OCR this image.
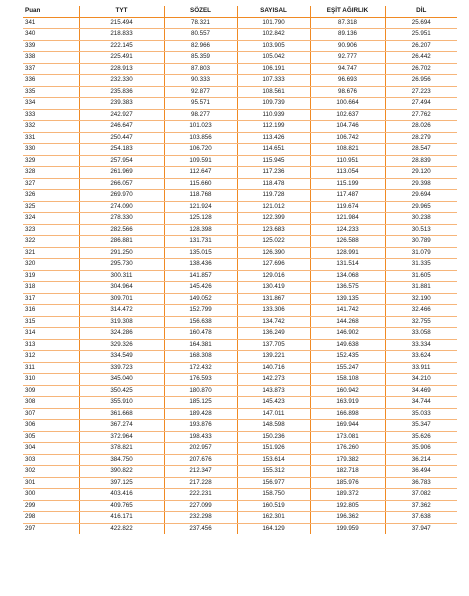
Puan	TYT	SÖZEL	SAYISAL	EŞİT AĞIRLIK	DİL
341	215.494	78.321	101.790	87.318	25.694
340	218.833	80.557	102.842	89.136	25.951
339	222.145	82.966	103.905	90.906	26.207
338	225.491	85.359	105.042	92.777	26.442
337	228.913	87.803	106.191	94.747	26.702
336	232.330	90.333	107.333	96.693	26.956
335	235.836	92.877	108.561	98.676	27.223
334	239.383	95.571	109.739	100.664	27.494
333	242.927	98.277	110.939	102.637	27.762
332	246.647	101.023	112.199	104.746	28.026
331	250.447	103.856	113.426	106.742	28.279
330	254.183	106.720	114.651	108.821	28.547
329	257.954	109.591	115.945	110.951	28.839
328	261.969	112.647	117.236	113.054	29.120
327	266.057	115.660	118.478	115.199	29.398
326	269.970	118.768	119.728	117.487	29.694
325	274.090	121.924	121.012	119.674	29.965
324	278.330	125.128	122.399	121.984	30.238
323	282.566	128.398	123.683	124.233	30.513
322	286.881	131.731	125.022	126.588	30.789
321	291.250	135.015	126.390	128.991	31.079
320	295.730	138.436	127.696	131.514	31.335
319	300.311	141.857	129.016	134.068	31.605
318	304.964	145.426	130.419	136.575	31.881
317	309.701	149.052	131.867	139.135	32.190
316	314.472	152.799	133.306	141.742	32.466
315	319.308	156.638	134.742	144.268	32.755
314	324.286	160.478	136.249	146.902	33.058
313	329.326	164.381	137.705	149.638	33.334
312	334.549	168.308	139.221	152.435	33.624
311	339.723	172.432	140.716	155.247	33.911
310	345.040	176.593	142.273	158.108	34.210
309	350.425	180.870	143.873	160.942	34.469
308	355.910	185.125	145.423	163.919	34.744
307	361.668	189.428	147.011	166.898	35.033
306	367.274	193.876	148.598	169.944	35.347
305	372.964	198.433	150.236	173.081	35.626
304	378.821	202.957	151.926	176.260	35.906
303	384.750	207.676	153.614	179.382	36.214
302	390.822	212.347	155.312	182.718	36.494
301	397.125	217.228	156.977	185.976	36.783
300	403.416	222.231	158.750	189.372	37.082
299	409.765	227.099	160.519	192.805	37.362
298	416.171	232.298	162.301	196.362	37.638
297	422.822	237.456	164.129	199.959	37.947
